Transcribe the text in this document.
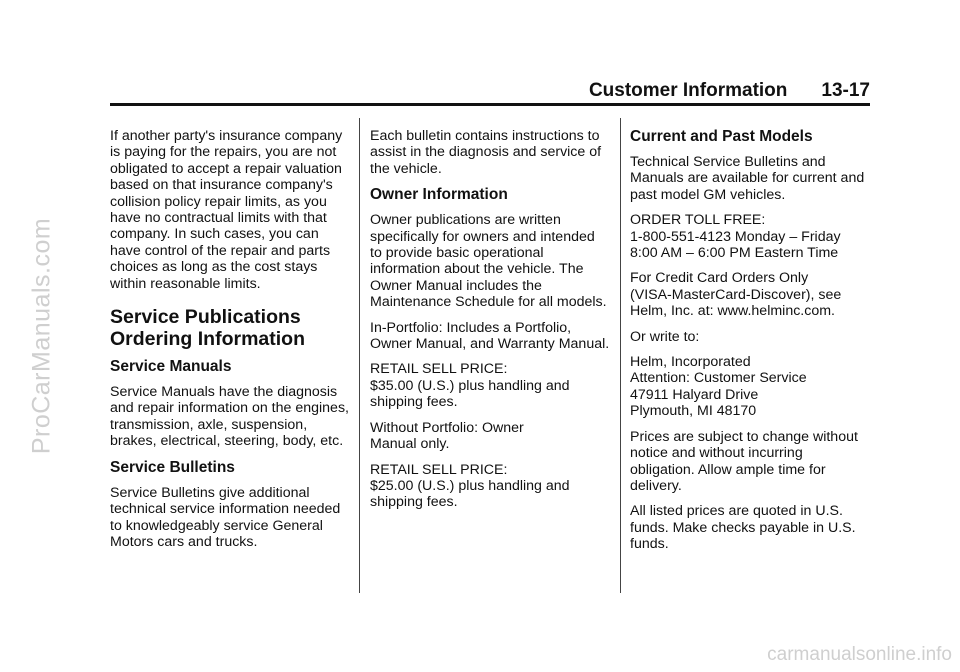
ProCarManuals.com
Customer Information 13-17

If another party's insurance company is paying for the repairs, you are not obligated to accept a repair valuation based on that insurance company's collision policy repair limits, as you have no contractual limits with that company. In such cases, you can have control of the repair and parts choices as long as the cost stays within reasonable limits.

Service Publications
Ordering Information
Service Manuals

Service Manuals have the diagnosis and repair information on the engines, transmission, axle, suspension, brakes, electrical, steering, body, etc.

Service Bulletins

Service Bulletins give additional technical service information needed to knowledgeably service General Motors cars and trucks.

Each bulletin contains instructions to assist in the diagnosis and service of the vehicle.

Owner Information

Owner publications are written specifically for owners and intended to provide basic operational information about the vehicle. The Owner Manual includes the Maintenance Schedule for all models.

In-Portfolio: Includes a Portfolio, Owner Manual, and Warranty Manual.

RETAIL SELL PRICE:
$35.00 (U.S.) plus handling and shipping fees.

Without Portfolio: Owner
Manual only.

RETAIL SELL PRICE:
$25.00 (U.S.) plus handling and shipping fees.

Current and Past Models

Technical Service Bulletins and Manuals are available for current and past model GM vehicles.

ORDER TOLL FREE:
1-800-551-4123 Monday – Friday
8:00 AM – 6:00 PM Eastern Time

For Credit Card Orders Only
(VISA-MasterCard-Discover), see
Helm, Inc. at: www.helminc.com.

Or write to:

Helm, Incorporated
Attention: Customer Service
47911 Halyard Drive
Plymouth, MI 48170

Prices are subject to change without notice and without incurring obligation. Allow ample time for delivery.

All listed prices are quoted in U.S. funds. Make checks payable in U.S. funds.

carmanualsonline.info
